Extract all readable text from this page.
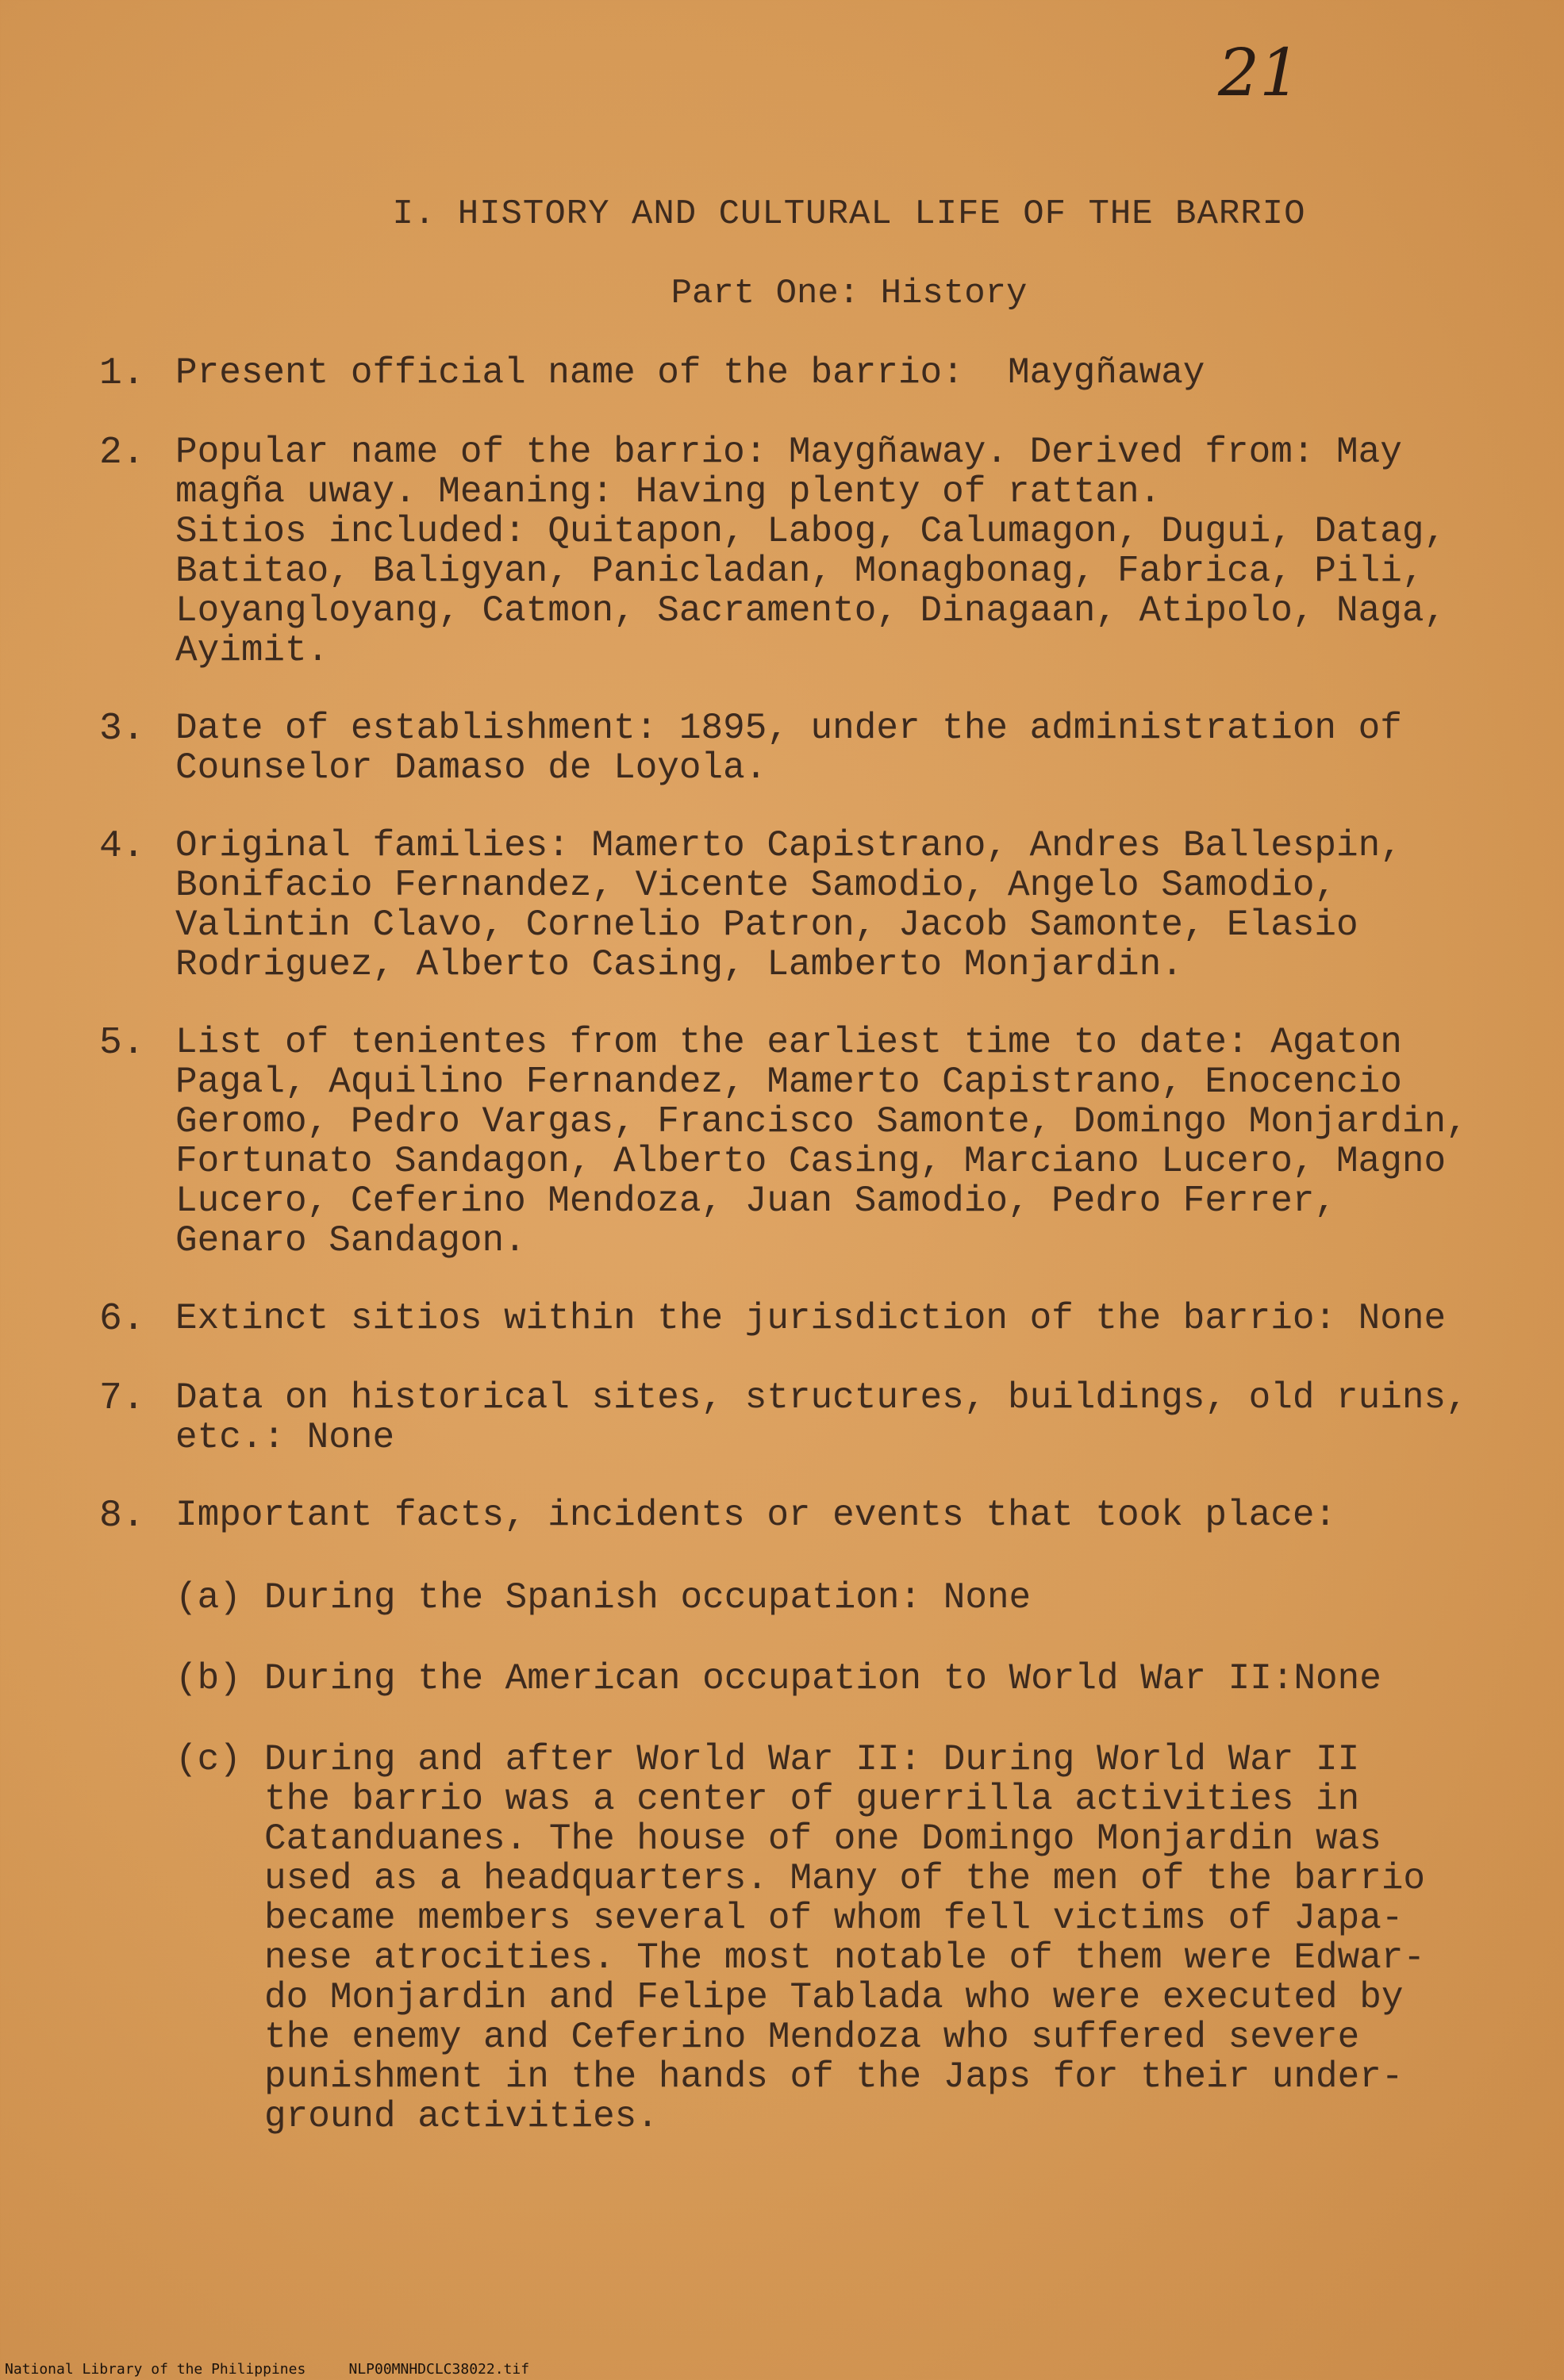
21
I. HISTORY AND CULTURAL LIFE OF THE BARRIO
Part One: History
1. Present official name of the barrio:  Maygñaway
2. Popular name of the barrio: Maygñaway. Derived from: May
magña uway. Meaning: Having plenty of rattan.
Sitios included: Quitapon, Labog, Calumagon, Dugui, Datag,
Batitao, Baligyan, Panicladan, Monagbonag, Fabrica, Pili,
Loyangloyang, Catmon, Sacramento, Dinagaan, Atipolo, Naga,
Ayimit.
3. Date of establishment: 1895, under the administration of
Counselor Damaso de Loyola.
4. Original families: Mamerto Capistrano, Andres Ballespin,
Bonifacio Fernandez, Vicente Samodio, Angelo Samodio,
Valintin Clavo, Cornelio Patron, Jacob Samonte, Elasio
Rodriguez, Alberto Casing, Lamberto Monjardin.
5. List of tenientes from the earliest time to date: Agaton
Pagal, Aquilino Fernandez, Mamerto Capistrano, Enocencio
Geromo, Pedro Vargas, Francisco Samonte, Domingo Monjardin,
Fortunato Sandagon, Alberto Casing, Marciano Lucero, Magno
Lucero, Ceferino Mendoza, Juan Samodio, Pedro Ferrer,
Genaro Sandagon.
6. Extinct sitios within the jurisdiction of the barrio: None
7. Data on historical sites, structures, buildings, old ruins,
etc.: None
8. Important facts, incidents or events that took place:
(a) During the Spanish occupation: None
(b) During the American occupation to World War II:None
(c) During and after World War II: During World War II
the barrio was a center of guerrilla activities in
Catanduanes. The house of one Domingo Monjardin was
used as a headquarters. Many of the men of the barrio
became members several of whom fell victims of Japa-
nese atrocities. The most notable of them were Edwar-
do Monjardin and Felipe Tablada who were executed by
the enemy and Ceferino Mendoza who suffered severe
punishment in the hands of the Japs for their under-
ground activities.
National Library of the Philippines     NLP00MNHDCLC38022.tif
